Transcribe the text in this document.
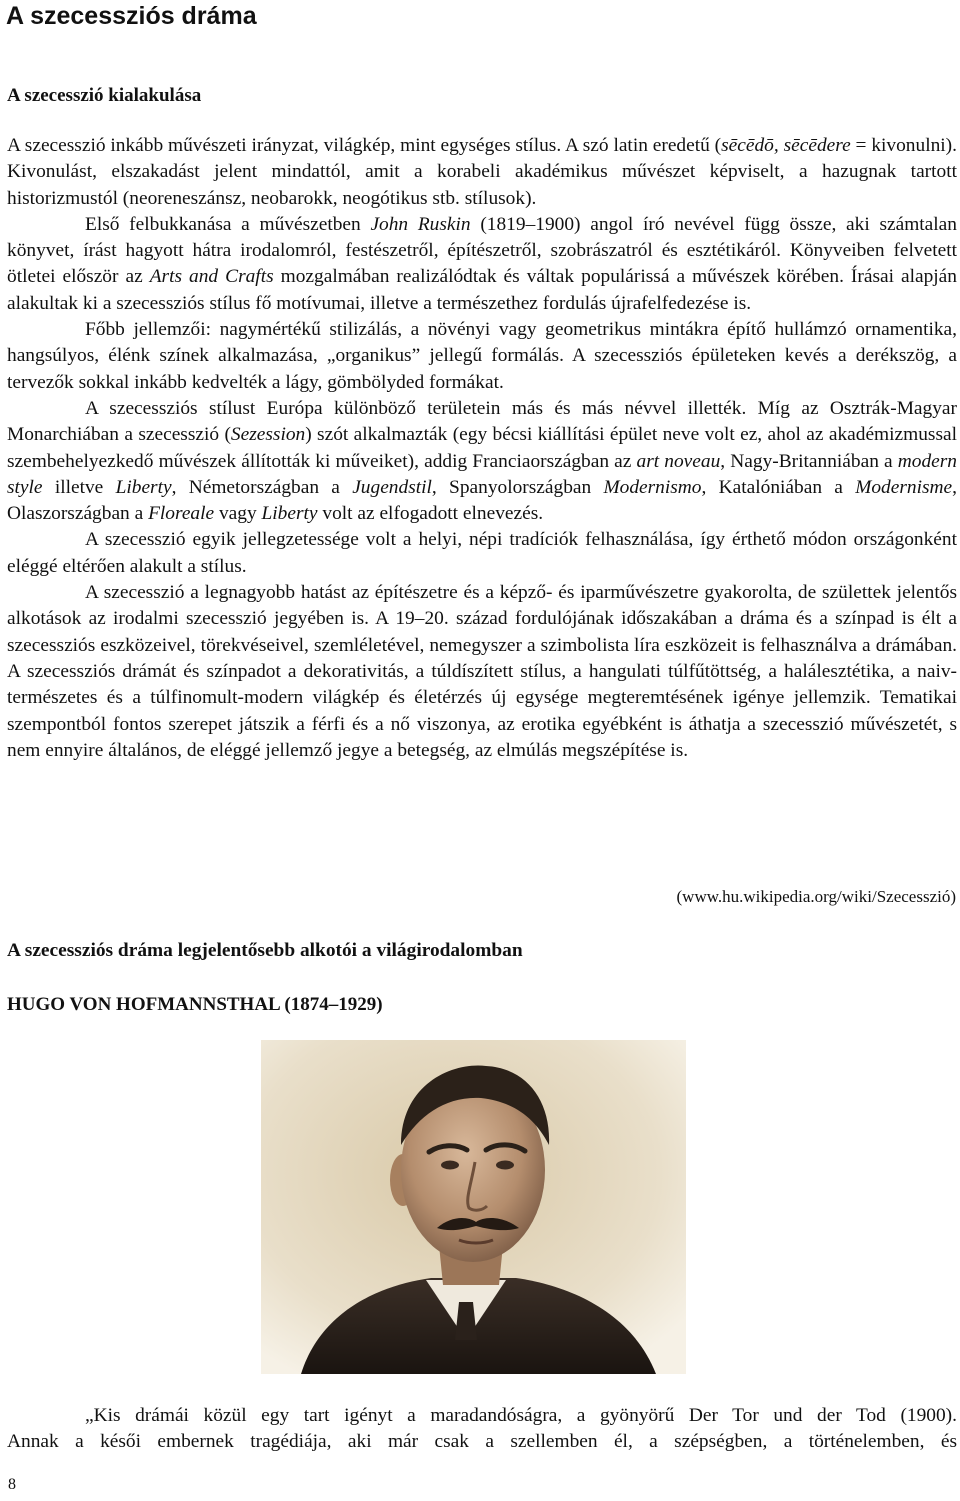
A szecessziós dráma
A szecesszió kialakulása

A szecesszió inkább művészeti irányzat, világkép, mint egységes stílus. A szó latin eredetű (sēcēdō, sēcēdere = kivonulni). Kivonulást, elszakadást jelent mindattól, amit a korabeli akadémikus művészet képviselt, a hazugnak tartott historizmustól (neoreneszánsz, neobarokk, neogótikus stb. stílusok).

Első felbukkanása a művészetben John Ruskin (1819–1900) angol író nevével függ össze, aki számtalan könyvet, írást hagyott hátra irodalomról, festészetről, építészetről, szobrászatról és esztétikáról. Könyveiben felvetett ötletei először az Arts and Crafts mozgalmában realizálódtak és váltak populárissá a művészek körében. Írásai alapján alakultak ki a szecessziós stílus fő motívumai, illetve a természethez fordulás újrafelfedezése is.

Főbb jellemzői: nagymértékű stilizálás, a növényi vagy geometrikus mintákra építő hullámzó ornamentika, hangsúlyos, élénk színek alkalmazása, „organikus” jellegű formálás. A szecessziós épületeken kevés a derékszög, a tervezők sokkal inkább kedvelték a lágy, gömbölyded formákat.

A szecessziós stílust Európa különböző területein más és más névvel illették. Míg az Osztrák-Magyar Monarchiában a szecesszió (Sezession) szót alkalmazták (egy bécsi kiállítási épület neve volt ez, ahol az akadémizmussal szembehelyezkedő művészek állították ki műveiket), addig Franciaországban az art noveau, Nagy-Britanniában a modern style illetve Liberty, Németországban a Jugendstil, Spanyolországban Modernismo, Katalóniában a Modernisme, Olaszországban a Floreale vagy Liberty volt az elfogadott elnevezés.

A szecesszió egyik jellegzetessége volt a helyi, népi tradíciók felhasználása, így érthető módon országonként eléggé eltérően alakult a stílus.

A szecesszió a legnagyobb hatást az építészetre és a képző- és iparművészetre gyakorolta, de születtek jelentős alkotások az irodalmi szecesszió jegyében is. A 19–20. század fordulójának időszakában a dráma és a színpad is élt a szecessziós eszközeivel, törekvéseivel, szemléletével, nemegyszer a szimbolista líra eszközeit is felhasználva a drámában. A szecessziós drámát és színpadot a dekorativitás, a túldíszített stílus, a hangulati túlfűtöttség, a halálesztétika, a naiv-természetes és a túlfinomult-modern világkép és életérzés új egysége megteremtésének igénye jellemzik. Tematikai szempontból fontos szerepet játszik a férfi és a nő viszonya, az erotika egyébként is áthatja a szecesszió művészetét, s nem ennyire általános, de eléggé jellemző jegye a betegség, az elmúlás megszépítése is.

(www.hu.wikipedia.org/wiki/Szecesszió)
A szecessziós dráma legjelentősebb alkotói a világirodalomban
HUGO VON HOFMANNSTHAL (1874–1929)

„Kis drámái közül egy tart igényt a maradandóságra, a gyönyörű Der Tor und der Tod (1900).

Annak a késői embernek tragédiája, aki már csak a szellemben él, a szépségben, a történelemben, és

8
